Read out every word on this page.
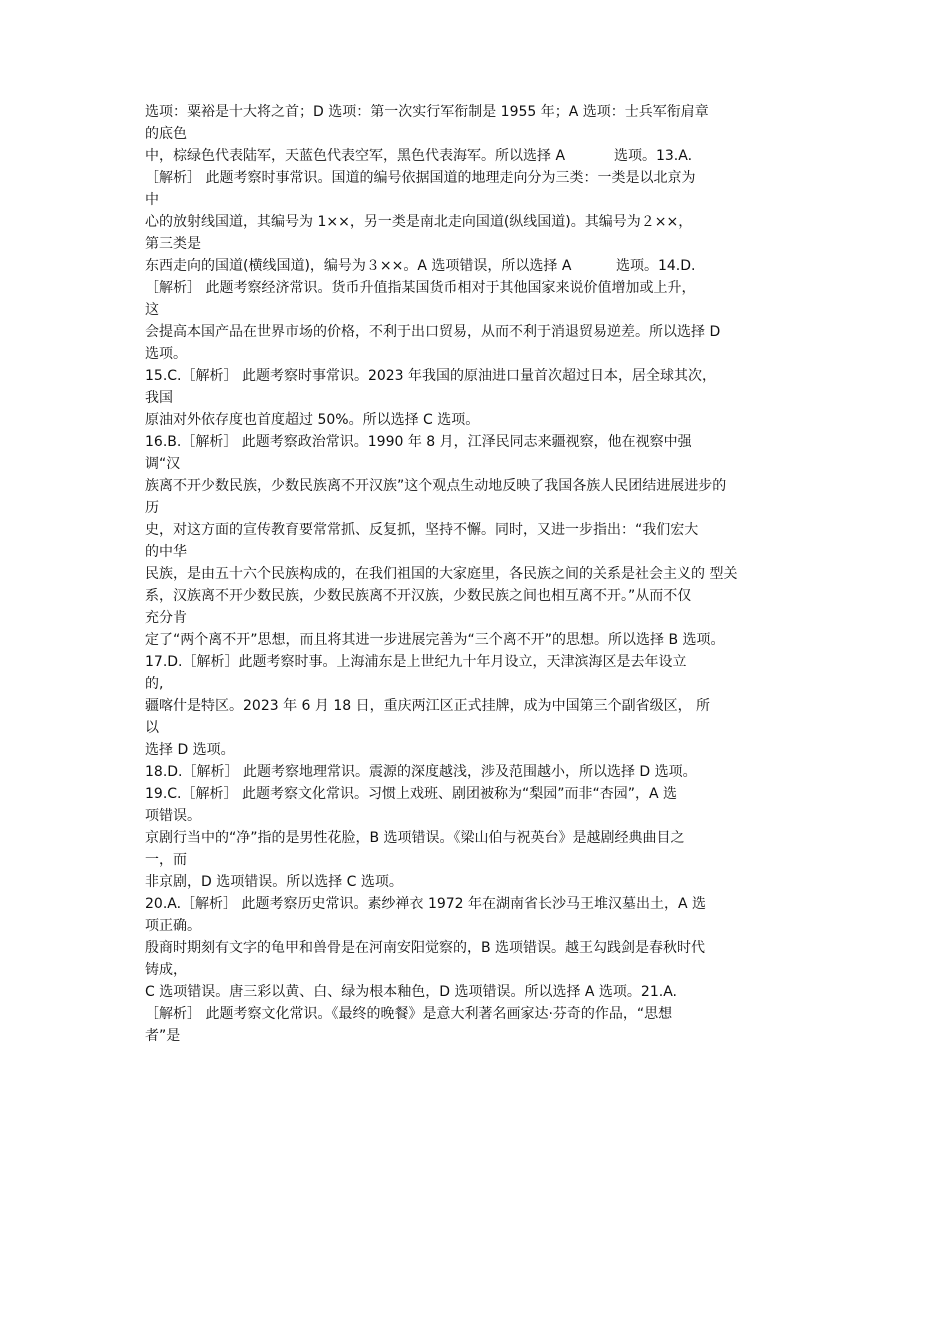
选项：粟裕是十大将之首；D 选项：第一次实行军衔制是 1955 年；A 选项：士兵军衔肩章
的底色
中，棕绿色代表陆军，天蓝色代表空军，黑色代表海军。所以选择 A           选项。13.A.
［解析］ 此题考察时事常识。国道的编号依据国道的地理走向分为三类：一类是以北京为
中
心的放射线国道，其编号为 1××，另一类是南北走向国道(纵线国道)。其编号为２××，
第三类是
东西走向的国道(横线国道)，编号为３××。A 选项错误，所以选择 A          选项。14.D.
［解析］ 此题考察经济常识。货币升值指某国货币相对于其他国家来说价值增加或上升，
这
会提高本国产品在世界市场的价格，不利于出口贸易，从而不利于消退贸易逆差。所以选择 D
选项。
15.C.［解析］ 此题考察时事常识。2023 年我国的原油进口量首次超过日本，居全球其次，
我国
原油对外依存度也首度超过 50%。所以选择 C 选项。
16.B.［解析］ 此题考察政治常识。1990 年 8 月，江泽民同志来疆视察，他在视察中强
调“汉
族离不开少数民族，少数民族离不开汉族”这个观点生动地反映了我国各族人民团结进展进步的
历
史，对这方面的宣传教育要常常抓、反复抓，坚持不懈。同时，又进一步指出：“我们宏大
的中华
民族，是由五十六个民族构成的，在我们祖国的大家庭里，各民族之间的关系是社会主义的 型关
系，汉族离不开少数民族，少数民族离不开汉族，少数民族之间也相互离不开。”从而不仅
充分肯
定了“两个离不开”思想，而且将其进一步进展完善为“三个离不开”的思想。所以选择 B 选项。
17.D.［解析］此题考察时事。上海浦东是上世纪九十年月设立，天津滨海区是去年设立
的,
疆喀什是特区。2023 年 6 月 18 日，重庆两江区正式挂牌，成为中国第三个副省级区， 所
以
选择 D 选项。
18.D.［解析］ 此题考察地理常识。震源的深度越浅，涉及范围越小，所以选择 D 选项。
19.C.［解析］ 此题考察文化常识。习惯上戏班、剧团被称为“梨园”而非“杏园”，A 选
项错误。
京剧行当中的“净”指的是男性花脸，B 选项错误。《梁山伯与祝英台》是越剧经典曲目之
一，而
非京剧，D 选项错误。所以选择 C 选项。
20.A.［解析］ 此题考察历史常识。素纱禅衣 1972 年在湖南省长沙马王堆汉墓出土，A 选
项正确。
殷商时期刻有文字的龟甲和兽骨是在河南安阳觉察的，B 选项错误。越王勾践剑是春秋时代
铸成，
C 选项错误。唐三彩以黄、白、绿为根本釉色，D 选项错误。所以选择 A 选项。21.A.
［解析］ 此题考察文化常识。《最终的晚餐》是意大利著名画家达·芬奇的作品，“思想
者”是
